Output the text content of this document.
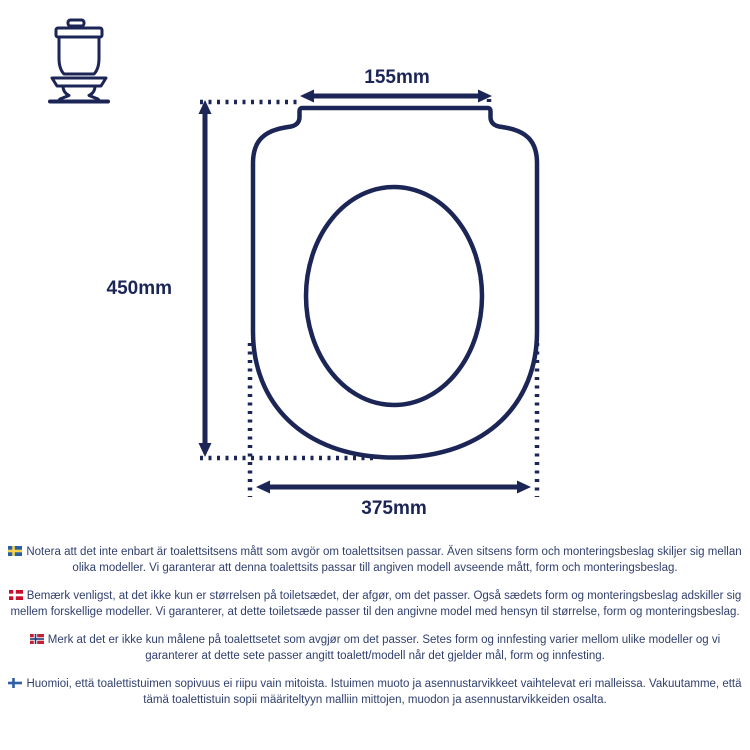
155mm
450mm
375mm

Notera att det inte enbart är toalettsitsens mått som avgör om toalettsitsen passar. Även sitsens form och monteringsbeslag skiljer sig mellan olika modeller. Vi garanterar att denna toalettsits passar till angiven modell avseende mått, form och monteringsbeslag.

Bemærk venligst, at det ikke kun er størrelsen på toiletsædet, der afgør, om det passer. Også sædets form og monteringsbeslag adskiller sig mellem forskellige modeller. Vi garanterer, at dette toiletsæde passer til den angivne model med hensyn til størrelse, form og monteringsbeslag.

Merk at det er ikke kun målene på toalettsetet som avgjør om det passer. Setes form og innfesting varier mellom ulike modeller og vi garanterer at dette sete passer angitt toalett/modell når det gjelder mål, form og innfesting.

Huomioi, että toalettistuimen sopivuus ei riipu vain mitoista. Istuimen muoto ja asennustarvikkeet vaihtelevat eri malleissa. Vakuutamme, että tämä toalettistuin sopii määriteltyyn malliin mittojen, muodon ja asennustarvikkeiden osalta.
